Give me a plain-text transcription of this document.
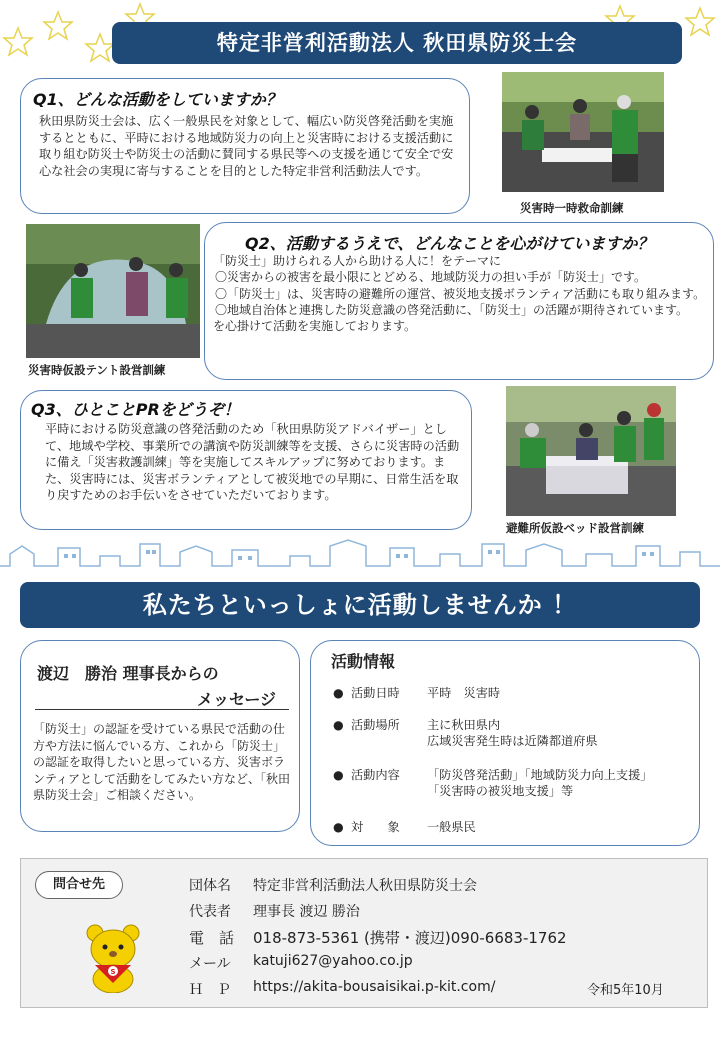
特定非営利活動法人 秋田県防災士会
Q1、どんな活動をしていますか？
秋田県防災士会は、広く一般県民を対象として、幅広い防災啓発活動を実施するとともに、平時における地域防災力の向上と災害時における支援活動に取り組む防災士や防災士の活動に賛同する県民等への支援を通じて安全で安心な社会の実現に寄与することを目的とした特定非営利活動法人です。
災害時一時救命訓練
災害時仮設テント設営訓練
Q2、活動するうえで、どんなことを心がけていますか？
「防災士」助けられる人から助ける人に！をテーマに
〇災害からの被害を最小限にとどめる、地域防災力の担い手が「防災士」です。
〇「防災士」は、災害時の避難所の運営、被災地支援ボランティア活動にも取り組みます。
〇地域自治体と連携した防災意識の啓発活動に、「防災士」の活躍が期待されています。
を心掛けて活動を実施しております。
Q3、ひとことPRをどうぞ！
平時における防災意識の啓発活動のため「秋田県防災アドバイザー」として、地域や学校、事業所での講演や防災訓練等を支援、さらに災害時の活動に備え「災害救護訓練」等を実施してスキルアップに努めております。また、災害時には、災害ボランティアとして被災地での早期に、日常生活を取り戻すためのお手伝いをさせていただいております。
避難所仮設ベッド設営訓練
私たちといっしょに活動しませんか ！
渡辺　勝治 理事長からの
メッセージ
「防災士」の認証を受けている県民で活動の仕方や方法に悩んでいる方、これから「防災士」の認証を取得したいと思っている方、災害ボランティアとして活動をしてみたい方など、「秋田県防災士会」ご相談ください。
活動情報
● 活動日時	平時　災害時
● 活動場所	主に秋田県内
広域災害発生時は近隣都道府県
● 活動内容	「防災啓発活動」「地域防災力向上支援」「災害時の被災地支援」等
● 対　　象	一般県民
問合せ先
S
団体名	特定非営利活動法人秋田県防災士会
代表者	理事長 渡辺 勝治
電　話	018-873-5361 (携帯・渡辺)090-6683-1762
メール	katuji627@yahoo.co.jp
Ｈ　Ｐ	https://akita-bousaisikai.p-kit.com/	令和5年10月
